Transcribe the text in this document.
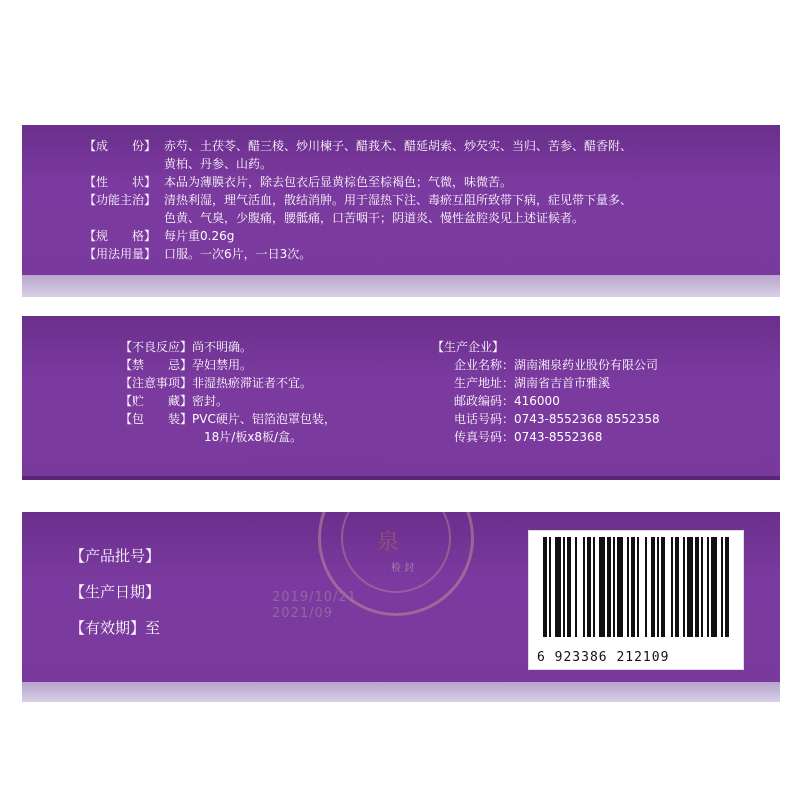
【成　　份】 赤芍、土茯苓、醋三棱、炒川楝子、醋莪术、醋延胡索、炒芡实、当归、苦参、醋香附、
黄柏、丹参、山药。
【性　　状】 本品为薄膜衣片，除去包衣后显黄棕色至棕褐色；气微，味微苦。
【功能主治】 清热利湿，理气活血，散结消肿。用于湿热下注、毒瘀互阻所致带下病，症见带下量多、
色黄、气臭，少腹痛，腰骶痛，口苦咽干；阴道炎、慢性盆腔炎见上述证候者。
【规　　格】 每片重0.26g
【用法用量】 口服。一次6片，一日3次。
【不良反应】尚不明确。
【禁　　忌】孕妇禁用。
【注意事项】非湿热瘀滞证者不宜。
【贮　　藏】密封。
【包　　装】PVC硬片、铝箔泡罩包装，
18片/板x8板/盒。
【生产企业】
企业名称：湖南湘泉药业股份有限公司
生产地址：湖南省吉首市雅溪
邮政编码：416000
电话号码：0743-8552368 8552358
传真号码：0743-8552368
泉
检 封
2019/10/21
2021/09
【产品批号】
【生产日期】
【有效期】至
6 923386 212109
